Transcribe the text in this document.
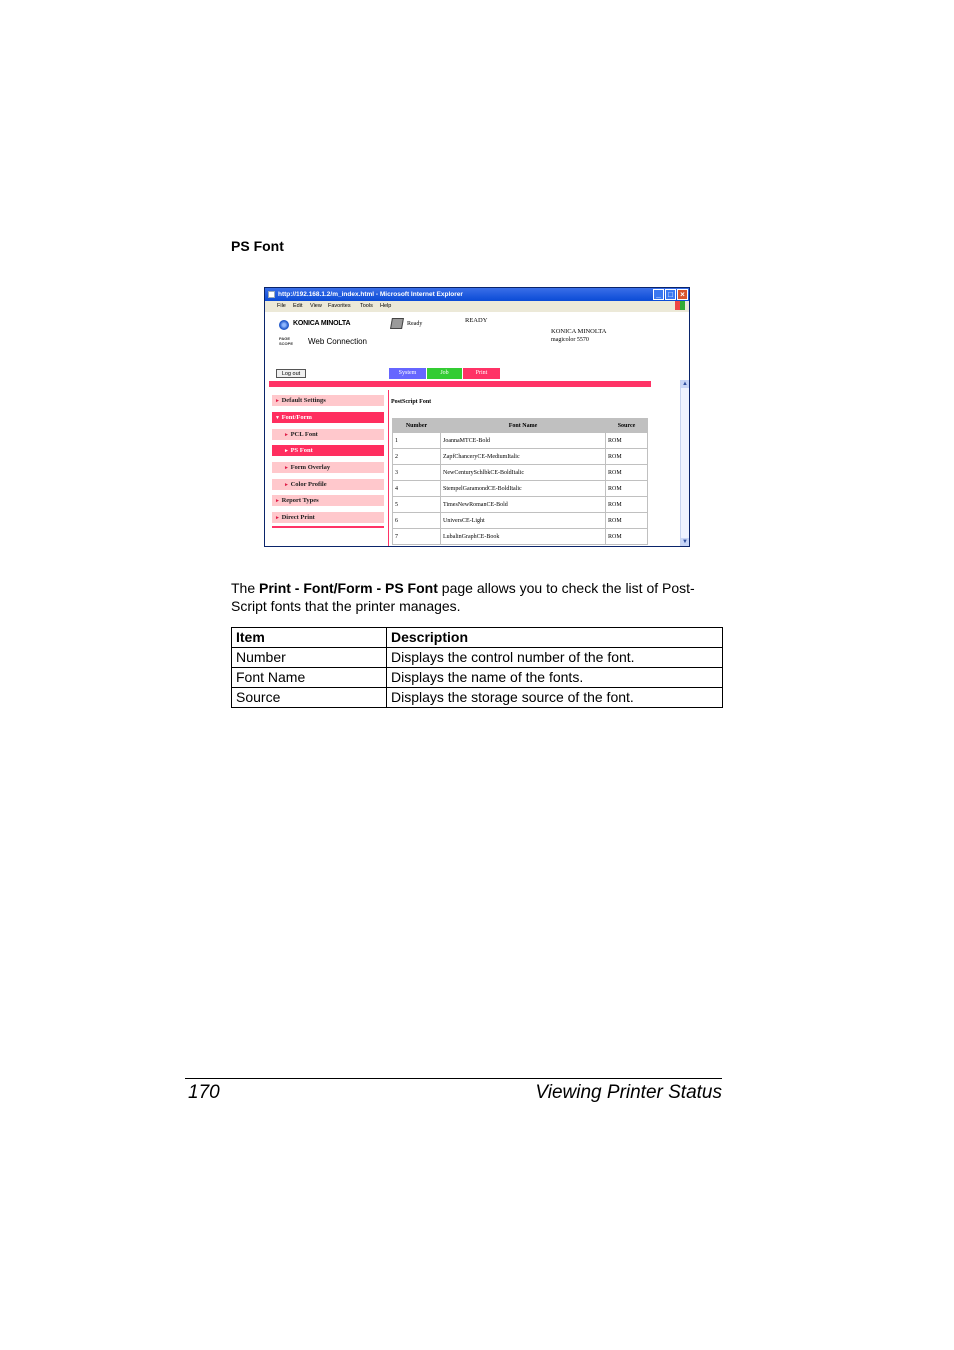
PS Font
http://192.168.1.2/m_index.html - Microsoft Internet Explorer	_ □ ×
File Edit View Favorites Tools Help
KONICA MINOLTA
PAGE SCOPE Web Connection
Ready	READY
KONICA MINOLTA
magicolor 5570
Log out	System	Job	Print
▲
▼
► Default Settings
▼ Font/Form
► PCL Font
► PS Font
► Form Overlay
► Color Profile
► Report Types
► Direct Print
PostScript Font
Number	Font Name	Source
1	JoannaMTCE-Bold	ROM
2	ZapfChanceryCE-MediumItalic	ROM
3	NewCenturySchlbkCE-BoldItalic	ROM
4	StempelGaramondCE-BoldItalic	ROM
5	TimesNewRomanCE-Bold	ROM
6	UniversCE-Light	ROM
7	LubalinGraphCE-Book	ROM
The Print - Font/Form - PS Font page allows you to check the list of Post-Script fonts that the printer manages.
Item	Description
Number	Displays the control number of the font.
Font Name	Displays the name of the fonts.
Source	Displays the storage source of the font.
170	Viewing Printer Status
